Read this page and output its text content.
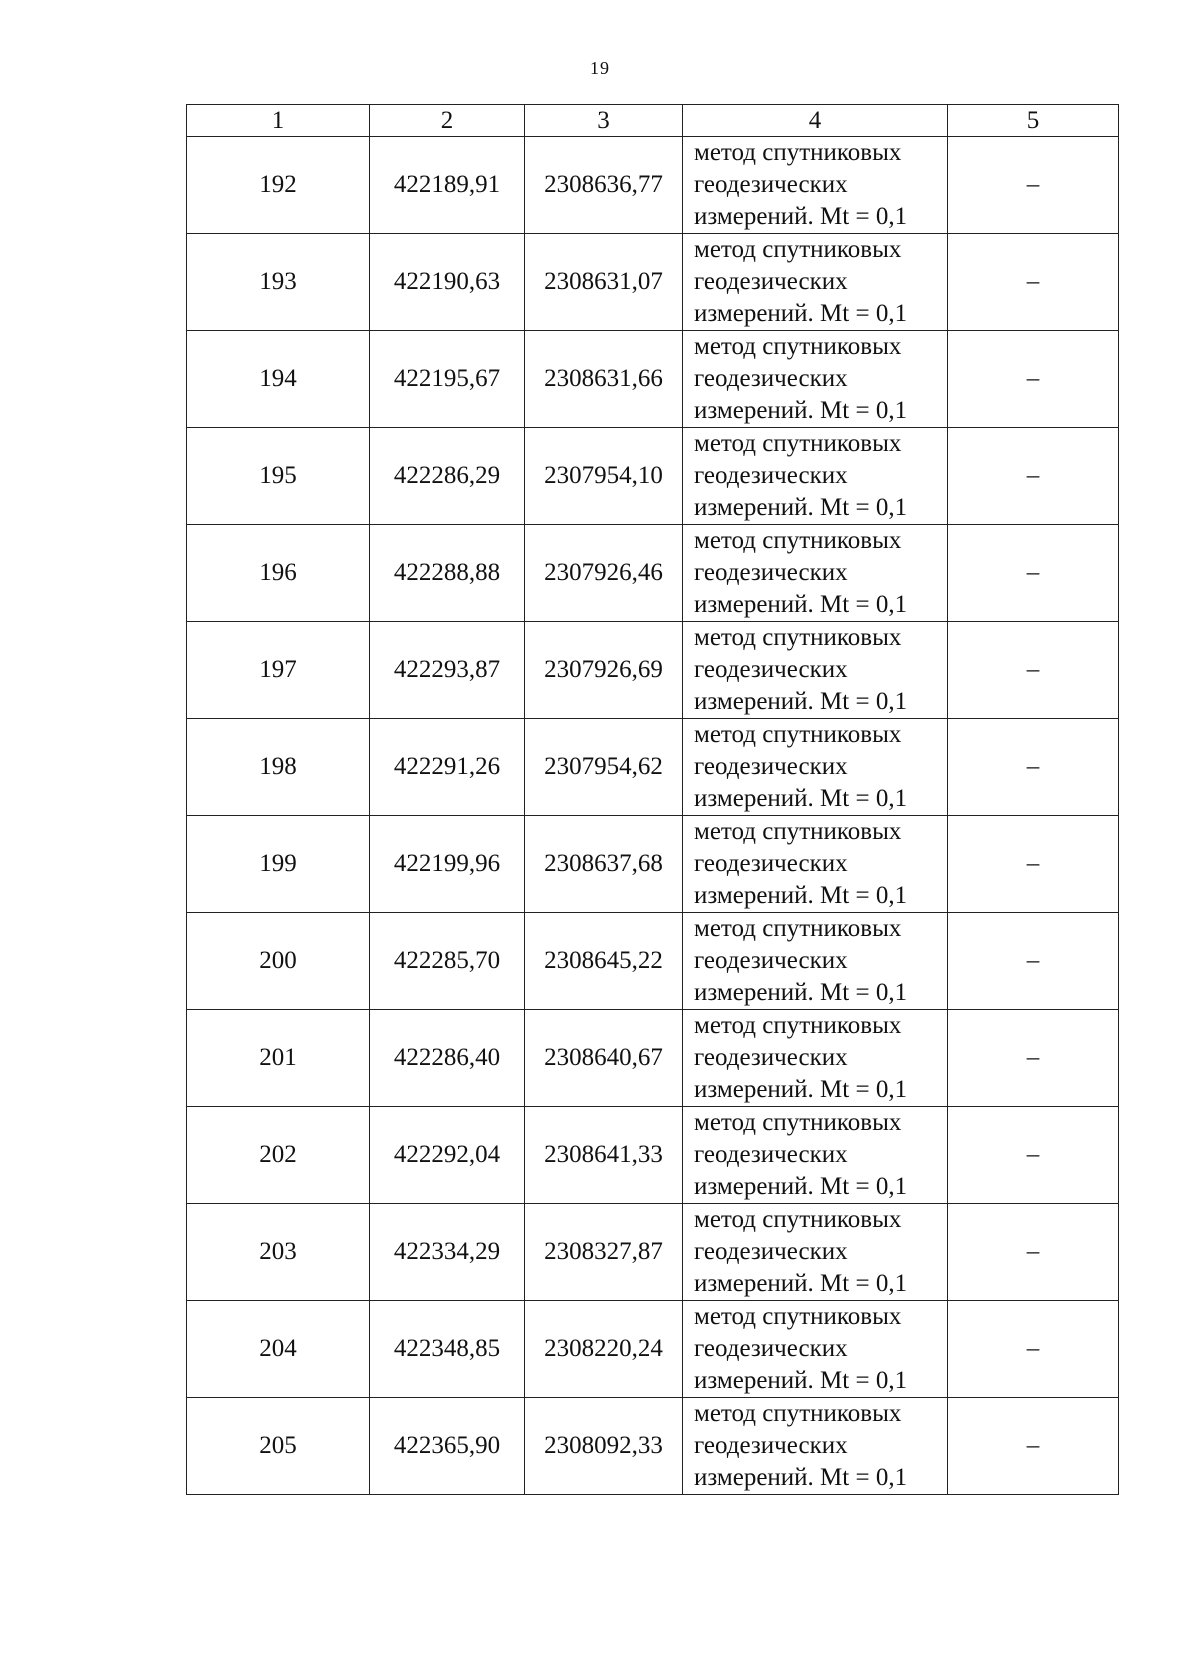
19
1	2	3	4	5
192	422189,91	2308636,77	метод спутниковых
геодезических
измерений. Mt = 0,1	–
193	422190,63	2308631,07	метод спутниковых
геодезических
измерений. Mt = 0,1	–
194	422195,67	2308631,66	метод спутниковых
геодезических
измерений. Mt = 0,1	–
195	422286,29	2307954,10	метод спутниковых
геодезических
измерений. Mt = 0,1	–
196	422288,88	2307926,46	метод спутниковых
геодезических
измерений. Mt = 0,1	–
197	422293,87	2307926,69	метод спутниковых
геодезических
измерений. Mt = 0,1	–
198	422291,26	2307954,62	метод спутниковых
геодезических
измерений. Mt = 0,1	–
199	422199,96	2308637,68	метод спутниковых
геодезических
измерений. Mt = 0,1	–
200	422285,70	2308645,22	метод спутниковых
геодезических
измерений. Mt = 0,1	–
201	422286,40	2308640,67	метод спутниковых
геодезических
измерений. Mt = 0,1	–
202	422292,04	2308641,33	метод спутниковых
геодезических
измерений. Mt = 0,1	–
203	422334,29	2308327,87	метод спутниковых
геодезических
измерений. Mt = 0,1	–
204	422348,85	2308220,24	метод спутниковых
геодезических
измерений. Mt = 0,1	–
205	422365,90	2308092,33	метод спутниковых
геодезических
измерений. Mt = 0,1	–
